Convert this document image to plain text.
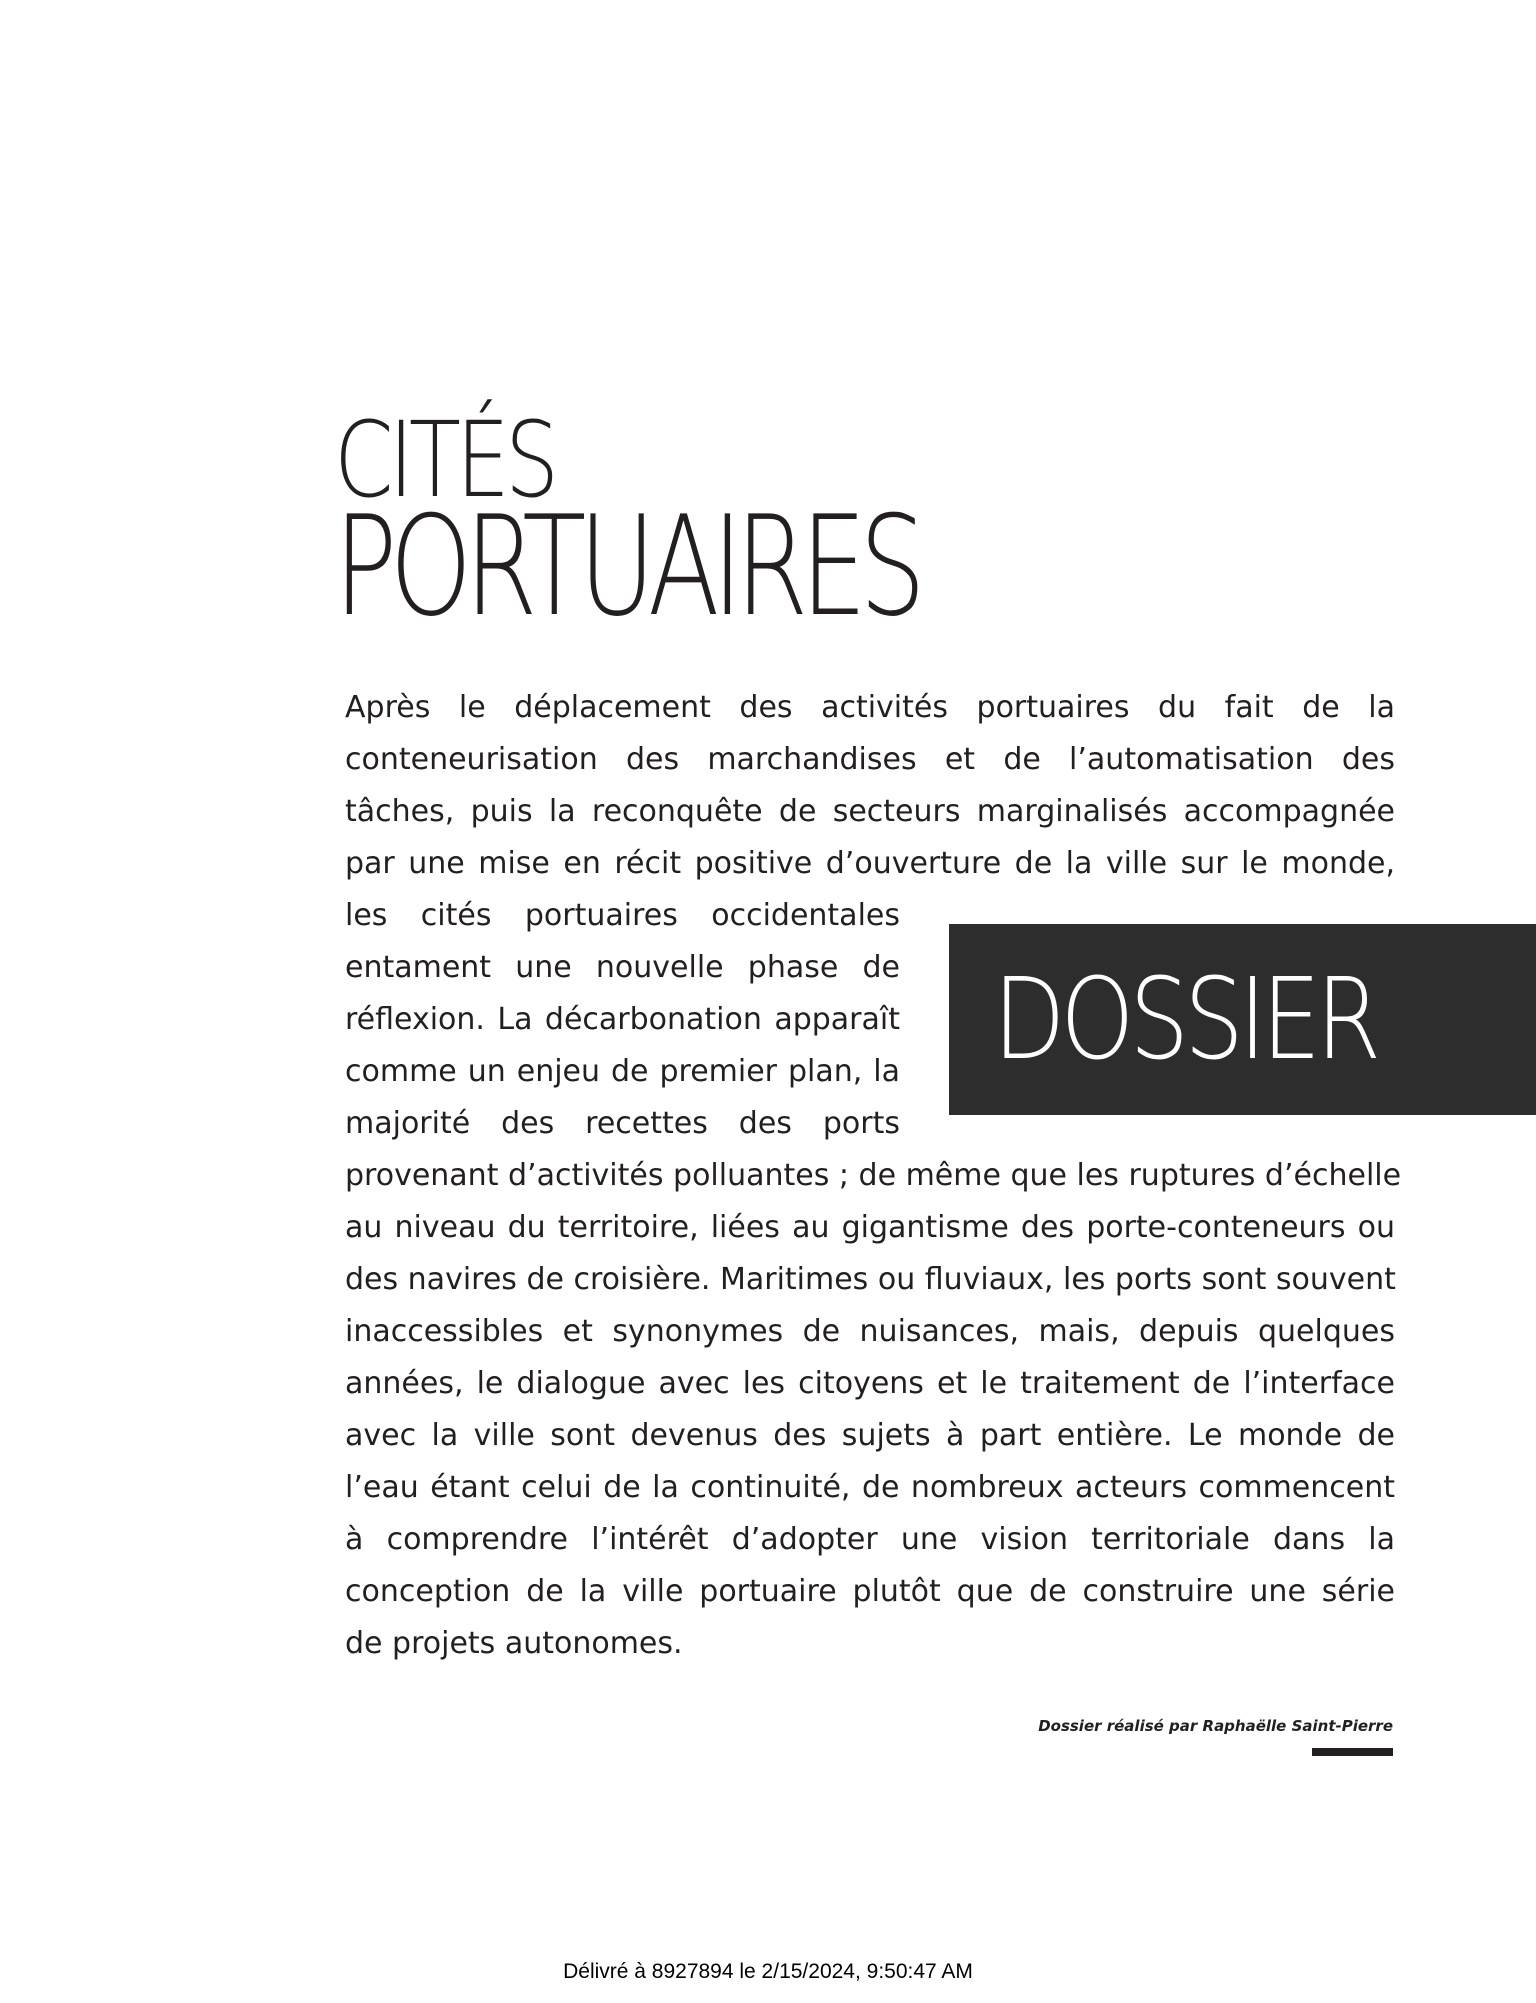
CITÉS
PORTUAIRES
Après le déplacement des activités portuaires du fait de la
conteneurisation des marchandises et de l’automatisation des
tâches, puis la reconquête de secteurs marginalisés accompagnée
par une mise en récit positive d’ouverture de la ville sur le monde,
les cités portuaires occidentales
entament une nouvelle phase de
réflexion. La décarbonation apparaît
comme un enjeu de premier plan, la
majorité des recettes des ports
DOSSIER
provenant d’activités polluantes ; de même que les ruptures d’échelle
au niveau du territoire, liées au gigantisme des porte-conteneurs ou
des navires de croisière. Maritimes ou fluviaux, les ports sont souvent
inaccessibles et synonymes de nuisances, mais, depuis quelques
années, le dialogue avec les citoyens et le traitement de l’interface
avec la ville sont devenus des sujets à part entière. Le monde de
l’eau étant celui de la continuité, de nombreux acteurs commencent
à comprendre l’intérêt d’adopter une vision territoriale dans la
conception de la ville portuaire plutôt que de construire une série
de projets autonomes.
Dossier réalisé par Raphaëlle Saint-Pierre
Délivré à 8927894 le 2/15/2024, 9:50:47 AM
